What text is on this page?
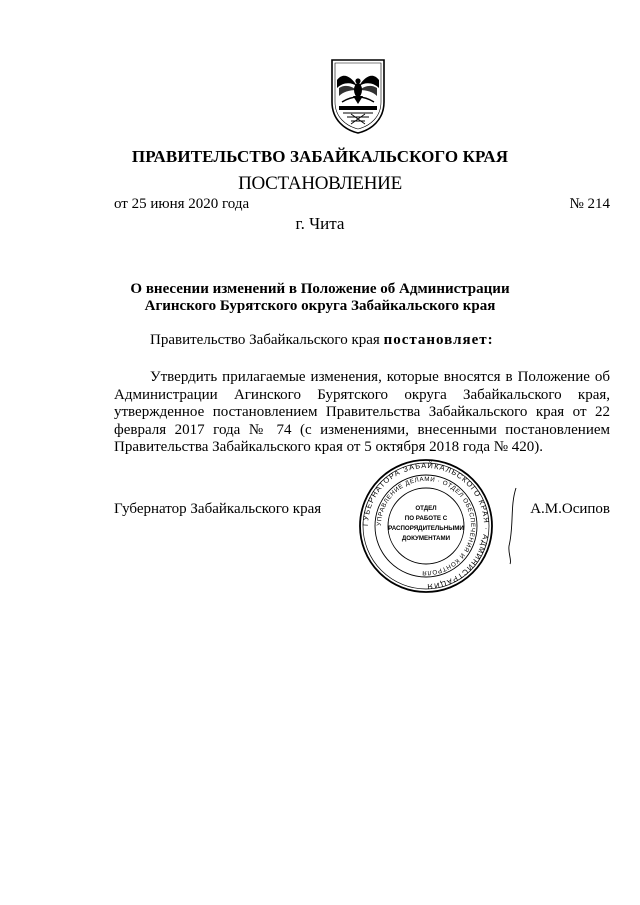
ПРАВИТЕЛЬСТВО ЗАБАЙКАЛЬСКОГО КРАЯ
ПОСТАНОВЛЕНИЕ
от 25 июня 2020 года	№ 214
г. Чита
О внесении изменений в Положение об Администрации
Агинского Бурятского округа Забайкальского края
Правительство Забайкальского края постановляет:
Утвердить прилагаемые изменения, которые вносятся в Положение об Администрации Агинского Бурятского округа Забайкальского края, утвержденное постановлением Правительства Забайкальского края от 22 февраля 2017 года № 74 (с изменениями, внесенными постановлением Правительства Забайкальского края от 5 октября 2018 года № 420).
Губернатор Забайкальского края	А.М.Осипов
ГУБЕРНАТОРА ЗАБАЙКАЛЬСКОГО КРАЯ · АДМИНИСТРАЦИЯ
УПРАВЛЕНИЕ ДЕЛАМИ · ОТДЕЛ ОБЕСПЕЧЕНИЯ И КОНТРОЛЯ
ОТДЕЛ
ПО РАБОТЕ С
РАСПОРЯДИТЕЛЬНЫМИ
ДОКУМЕНТАМИ
